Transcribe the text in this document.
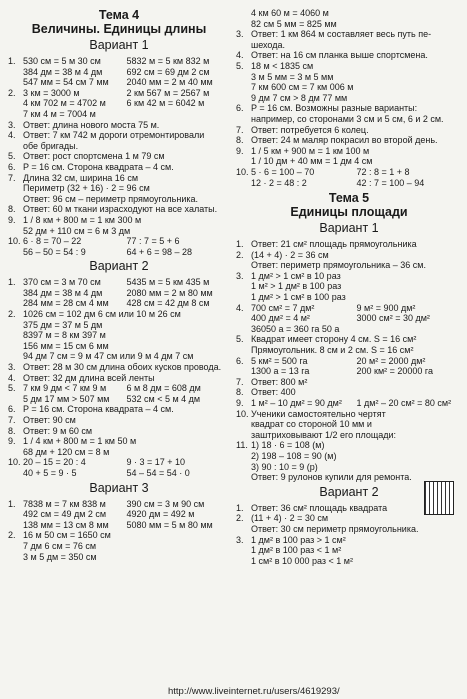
Тема 4
Величины. Единицы длины
Вариант 1
1. 530 см = 5 м 30 см	5832 м = 5 км 832 м
384 дм = 38 м 4 дм	692 см = 69 дм 2 см
547 мм = 54 см 7 мм	2040 мм = 2 м 40 мм
2. 3 км = 3000 м	2 км 567 м = 2567 м
4 км 702 м = 4702 м	6 км 42 м = 6042 м
7 км 4 м = 7004 м
3. Ответ: длина нового моста 75 м.
4. Ответ: 7 км 742 м дороги отремонтировали
обе бригады.
5. Ответ: рост спортсмена 1 м 79 см
6. P = 16 см. Сторона квадрата – 4 см.
7. Длина 32 см, ширина 16 см
Периметр (32 + 16) · 2 = 96 см
Ответ: 96 см – периметр прямоугольника.
8. Ответ: 60 м ткани израсходуют на все халаты.
9. 1 / 8 км + 800 м = 1 км 300 м
52 дм + 110 см = 6 м 3 дм
10. 6 · 8 = 70 – 22	77 : 7 = 5 + 6
56 – 50 = 54 : 9	64 + 6 = 98 – 28
Вариант 2
1. 370 см = 3 м 70 см	5435 м = 5 км 435 м
384 дм = 38 м 4 дм	2080 мм = 2 м 80 мм
284 мм = 28 см 4 мм	428 см = 42 дм 8 см
2. 1026 см = 102 дм 6 см или 10 м 26 см
375 дм = 37 м 5 дм
8397 м = 8 км 397 м
156 мм = 15 см 6 мм
94 дм 7 см = 9 м 47 см или 9 м 4 дм 7 см
3. Ответ: 28 м 30 см длина обоих кусков провода.
4. Ответ: 32 дм длина всей ленты
5. 7 км 9 дм < 7 км 9 м	6 м 8 дм = 608 дм
5 дм 17 мм > 507 мм	532 см < 5 м 4 дм
6. P = 16 см. Сторона квадрата – 4 см.
7. Ответ: 90 см
8. Ответ: 9 м 60 см
9. 1 / 4 км + 800 м = 1 км 50 м
68 дм + 120 см = 8 м
10. 20 – 15 = 20 : 4	9 · 3 = 17 + 10
40 + 5 = 9 · 5	54 – 54 = 54 · 0
Вариант 3
1. 7838 м = 7 км 838 м	390 см = 3 м 90 см
492 см = 49 дм 2 см	4920 дм = 492 м
138 мм = 13 см 8 мм	5080 мм = 5 м 80 мм
2. 16 м 50 см = 1650 см
7 дм 6 см = 76 см
3 м 5 дм = 350 см
4 км 60 м = 4060 м
82 см 5 мм = 825 мм
3. Ответ: 1 км 864 м составляет весь путь пе-
шехода.
4. Ответ: на 16 см планка выше спортсмена.
5. 18 м < 1835 см
3 м 5 мм = 3 м 5 мм
7 км 600 см = 7 км 006 м
9 дм 7 см > 8 дм 77 мм
6. P = 16 см. Возможны разные варианты:
например, со сторонами 3 см и 5 см, 6 и 2 см.
7. Ответ: потребуется 6 колец.
8. Ответ: 24 м маляр покрасил во второй день.
9. 1 / 5 км + 900 м = 1 км 100 м
1 / 10 дм + 40 мм = 1 дм 4 см
10. 5 · 6 = 100 – 70	72 : 8 = 1 + 8
12 · 2 = 48 : 2	42 : 7 = 100 – 94
Тема 5
Единицы площади
Вариант 1
1. Ответ: 21 см² площадь прямоугольника
2. (14 + 4) · 2 = 36 см
Ответ: периметр прямоугольника – 36 см.
3. 1 дм² > 1 см² в 10 раз
1 м² > 1 дм² в 100 раз
1 дм² > 1 см² в 100 раз
4. 700 см² = 7 дм²	9 м² = 900 дм²
400 дм² = 4 м²	3000 см² = 30 дм²
36050 а = 360 га 50 а
5. Квадрат имеет сторону 4 см. S = 16 см²
Прямоугольник. 8 см и 2 см. S = 16 см²
6. 5 км² = 500 га	20 м² = 2000 дм²
1300 а = 13 га	200 км² = 20000 га
7. Ответ: 800 м²
8. Ответ: 400
9. 1 м² – 10 дм² = 90 дм²	1 дм² – 20 см² = 80 см²
10. Ученики самостоятельно чертят
квадрат со стороной 10 мм и
заштриховывают 1/2 его площади:
11. 1) 18 · 6 = 108 (м)
2) 198 – 108 = 90 (м)
3) 90 : 10 = 9 (р)
Ответ: 9 рулонов купили для ремонта.
Вариант 2
1. Ответ: 36 см² площадь квадрата
2. (11 + 4) · 2 = 30 см
Ответ: 30 см периметр прямоугольника.
3. 1 дм² в 100 раз > 1 см²
1 дм² в 100 раз < 1 м²
1 см² в 10 000 раз < 1 м²
http://www.liveinternet.ru/users/4619293/
